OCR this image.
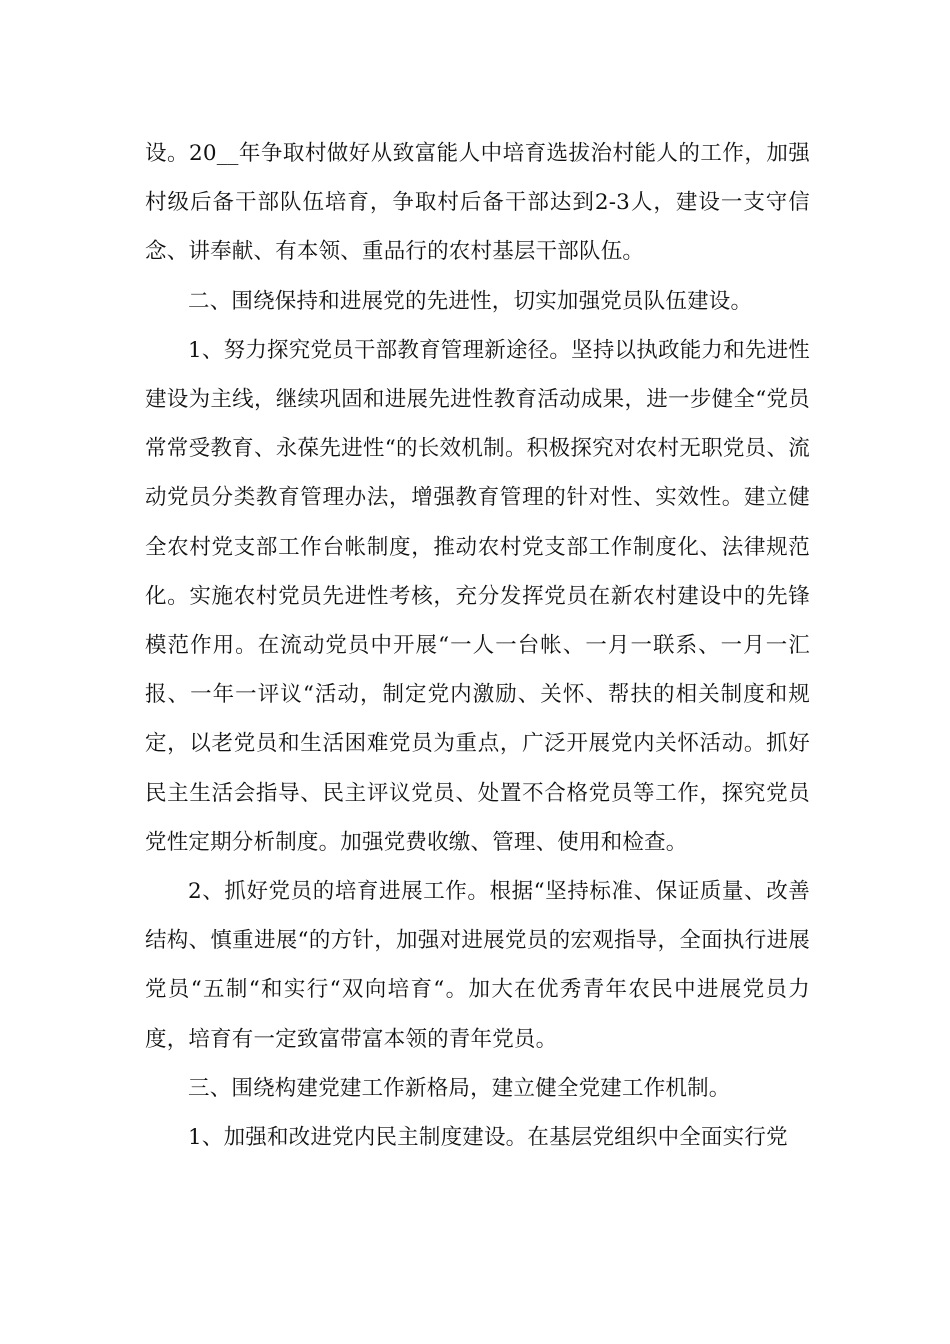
设。20__年争取村做好从致富能人中培育选拔治村能人的工作，加强村级后备干部队伍培育，争取村后备干部达到2-3人，建设一支守信念、讲奉献、有本领、重品行的农村基层干部队伍。

二、围绕保持和进展党的先进性，切实加强党员队伍建设。

1、努力探究党员干部教育管理新途径。坚持以执政能力和先进性建设为主线，继续巩固和进展先进性教育活动成果，进一步健全“党员常常受教育、永葆先进性“的长效机制。积极探究对农村无职党员、流动党员分类教育管理办法，增强教育管理的针对性、实效性。建立健全农村党支部工作台帐制度，推动农村党支部工作制度化、法律规范化。实施农村党员先进性考核，充分发挥党员在新农村建设中的先锋模范作用。在流动党员中开展“一人一台帐、一月一联系、一月一汇报、一年一评议“活动，制定党内激励、关怀、帮扶的相关制度和规定，以老党员和生活困难党员为重点，广泛开展党内关怀活动。抓好民主生活会指导、民主评议党员、处置不合格党员等工作，探究党员党性定期分析制度。加强党费收缴、管理、使用和检查。

2、抓好党员的培育进展工作。根据“坚持标准、保证质量、改善结构、慎重进展“的方针，加强对进展党员的宏观指导，全面执行进展党员“五制“和实行“双向培育“。加大在优秀青年农民中进展党员力度，培育有一定致富带富本领的青年党员。

三、围绕构建党建工作新格局，建立健全党建工作机制。

1、加强和改进党内民主制度建设。在基层党组织中全面实行党
